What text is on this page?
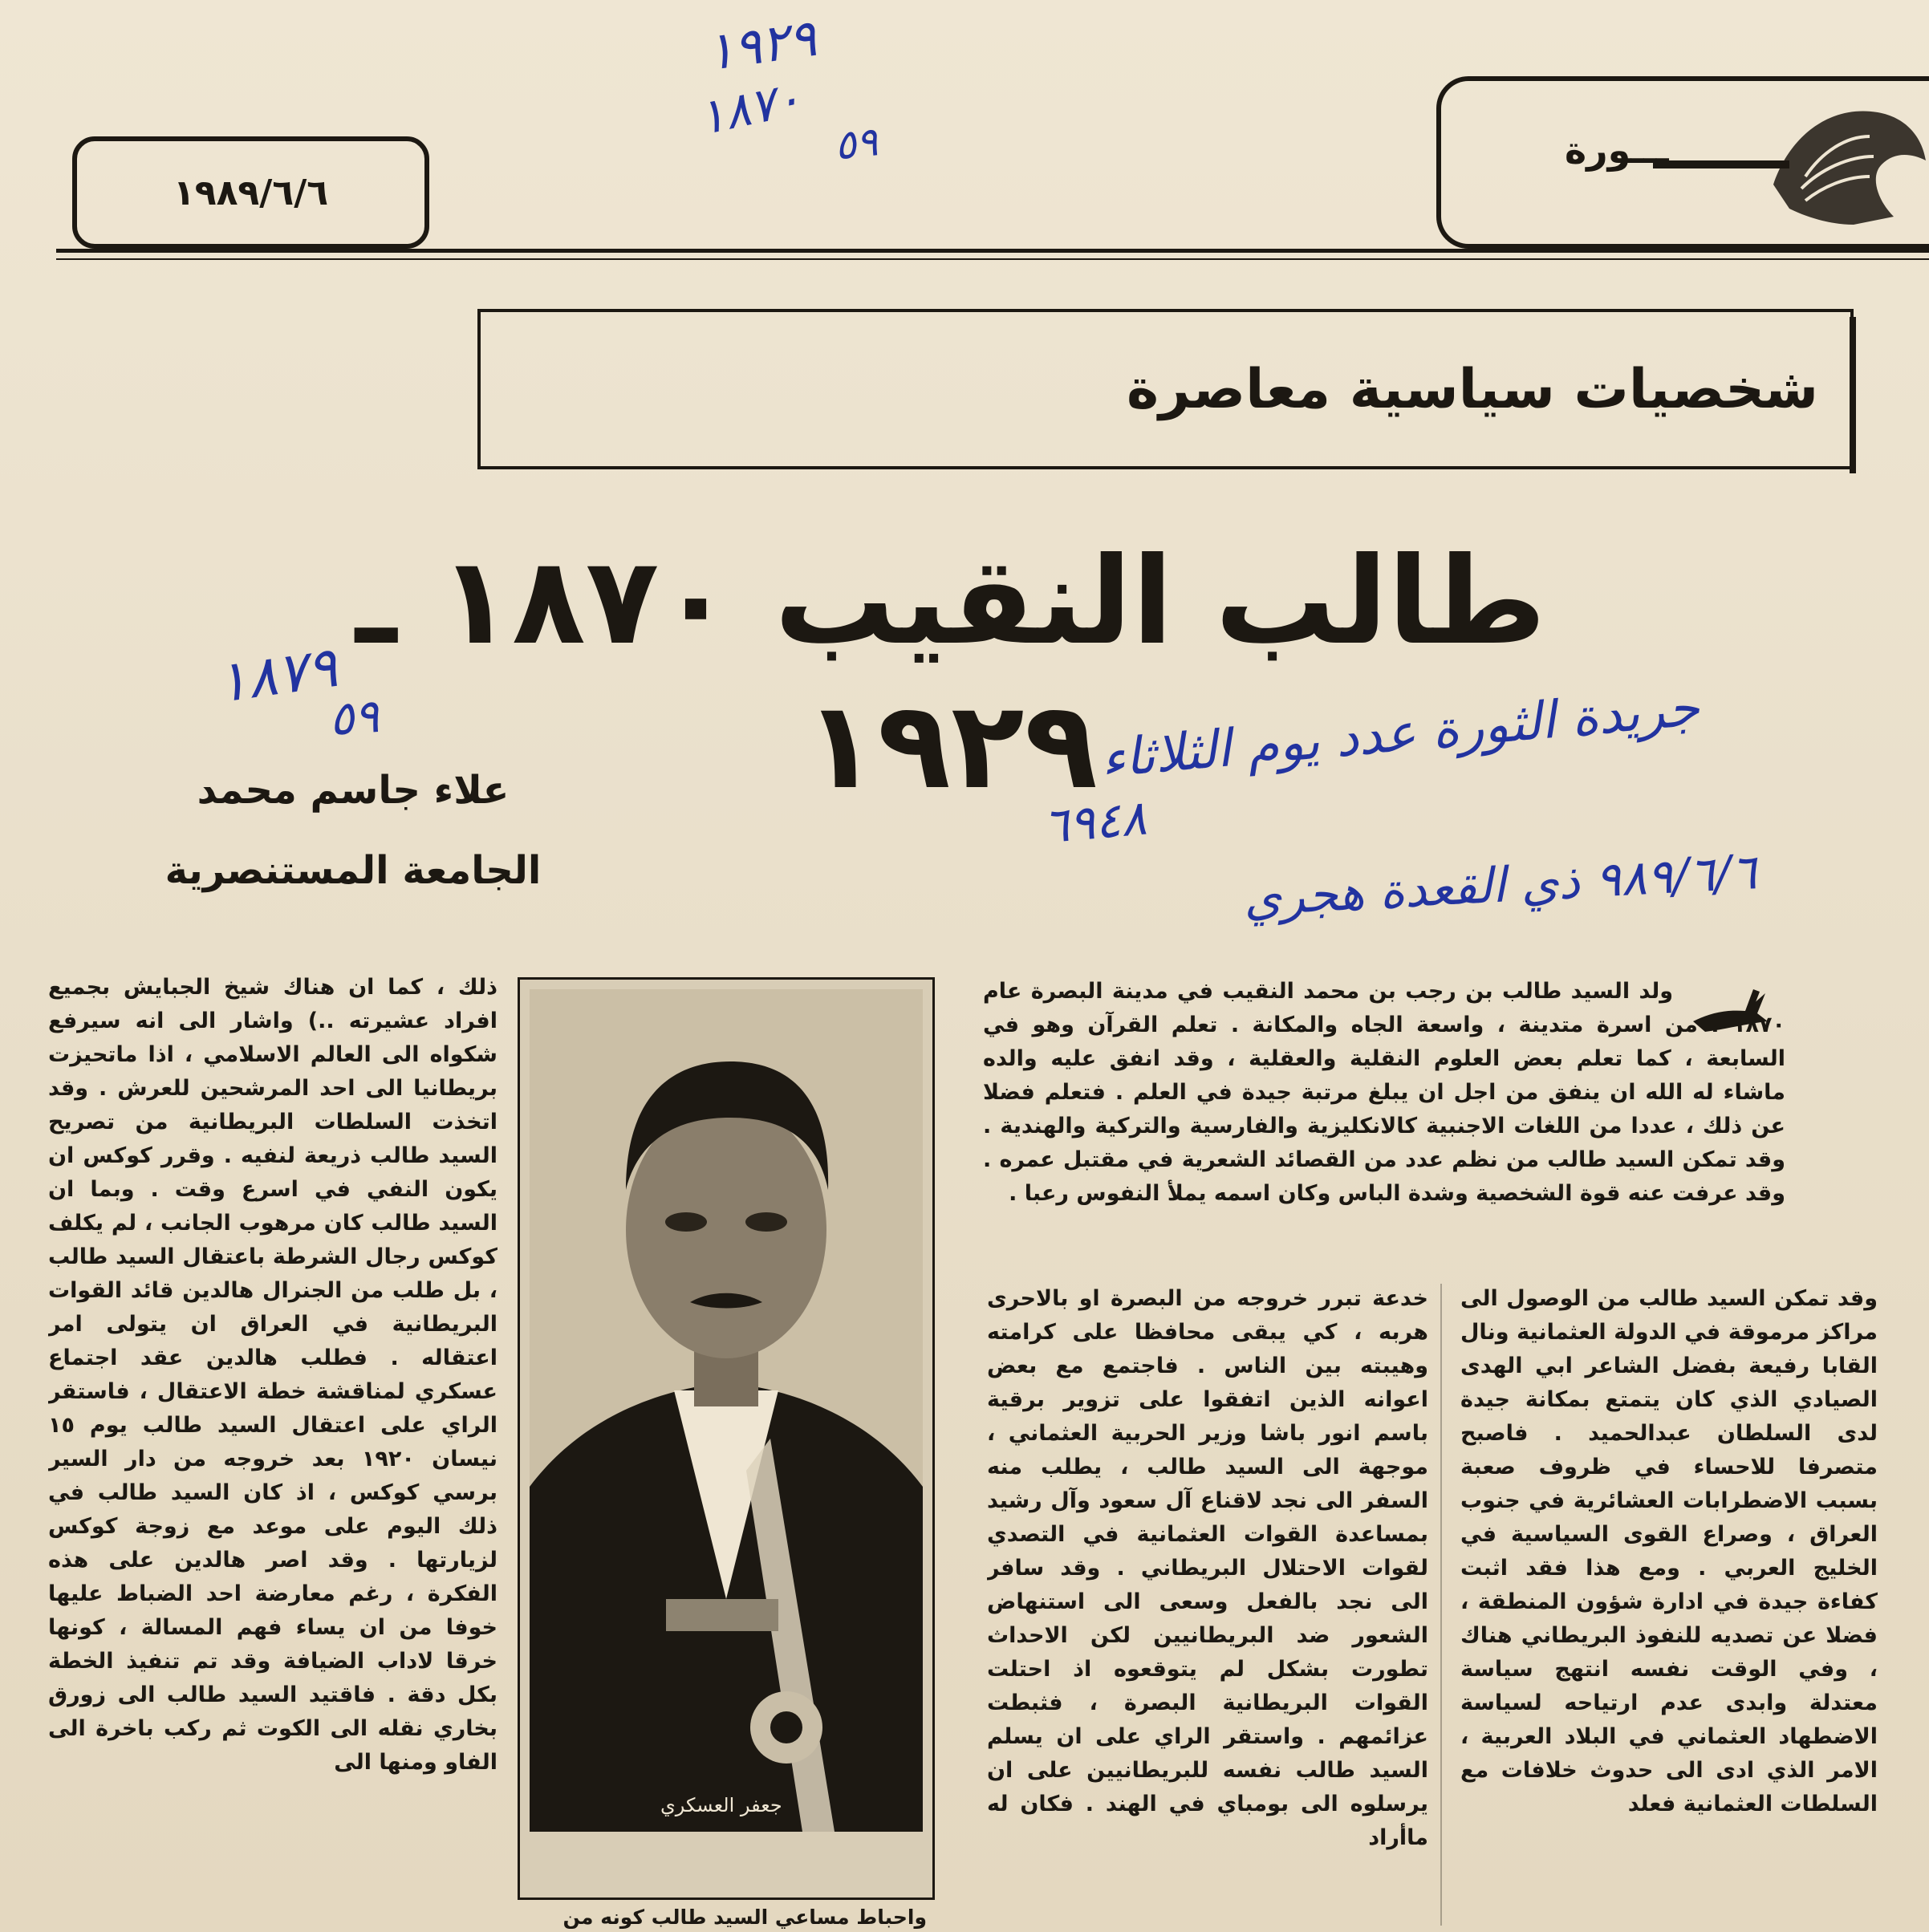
١٩٨٩/٦/٦
ـــورة
١٩٢٩
١٨٧٠ ٥٩
شخصيات سياسية معاصرة
طالب النقيب ١٨٧٠ ـ ١٩٢٩
١٨٧٩
٥٩	جريدة الثورة عدد يوم الثلاثاء
٦٩٤٨
٩٨٩/٦/٦ ذي القعدة هجري
علاء جاسم محمد
الجامعة المستنصرية

ولد السيد طالب بن رجب بن محمد النقيب في مدينة البصرة عام ١٨٧٠ ، من اسرة متدينة ، واسعة الجاه والمكانة . تعلم القرآن وهو في السابعة ، كما تعلم بعض العلوم النقلية والعقلية ، وقد انفق عليه والده ماشاء له الله ان ينفق من اجل ان يبلغ مرتبة جيدة في العلم . فتعلم فضلا عن ذلك ، عددا من اللغات الاجنبية كالانكليزية والفارسية والتركية والهندية . وقد تمكن السيد طالب من نظم عدد من القصائد الشعرية في مقتبل عمره . وقد عرفت عنه قوة الشخصية وشدة الباس وكان اسمه يملأ النفوس رعبا .

وقد تمكن السيد طالب من الوصول الى مراكز مرموقة في الدولة العثمانية ونال القابا رفيعة بفضل الشاعر ابي الهدى الصيادي الذي كان يتمتع بمكانة جيدة لدى السلطان عبدالحميد . فاصبح متصرفا للاحساء في ظروف صعبة بسبب الاضطرابات العشائرية في جنوب العراق ، وصراع القوى السياسية في الخليج العربي . ومع هذا فقد اثبت كفاءة جيدة في ادارة شؤون المنطقة ، فضلا عن تصديه للنفوذ البريطاني هناك ، وفي الوقت نفسه انتهج سياسة معتدلة وابدى عدم ارتياحه لسياسة الاضطهاد العثماني في البلاد العربية ، الامر الذي ادى الى حدوث خلافات مع السلطات العثمانية فعلد

خدعة تبرر خروجه من البصرة او بالاحرى هربه ، كي يبقى محافظا على كرامته وهيبته بين الناس . فاجتمع مع بعض اعوانه الذين اتفقوا على تزوير برقية باسم انور باشا وزير الحربية العثماني ، موجهة الى السيد طالب ، يطلب منه السفر الى نجد لاقناع آل سعود وآل رشيد بمساعدة القوات العثمانية في التصدي لقوات الاحتلال البريطاني . وقد سافر الى نجد بالفعل وسعى الى استنهاض الشعور ضد البريطانيين لكن الاحداث تطورت بشكل لم يتوقعوه اذ احتلت القوات البريطانية البصرة ، فثبطت عزائمهم . واستقر الراي على ان يسلم السيد طالب نفسه للبريطانيين على ان يرسلوه الى بومباي في الهند . فكان له ماأراد

جعفر العسكري
واحباط مساعي السيد طالب كونه من

ذلك ، كما ان هناك شيخ الجبايش بجميع افراد عشيرته ..) واشار الى انه سيرفع شكواه الى العالم الاسلامي ، اذا ماتحيزت بريطانيا الى احد المرشحين للعرش . وقد اتخذت السلطات البريطانية من تصريح السيد طالب ذريعة لنفيه . وقرر كوكس ان يكون النفي في اسرع وقت . وبما ان السيد طالب كان مرهوب الجانب ، لم يكلف كوكس رجال الشرطة باعتقال السيد طالب ، بل طلب من الجنرال هالدين قائد القوات البريطانية في العراق ان يتولى امر اعتقاله . فطلب هالدين عقد اجتماع عسكري لمناقشة خطة الاعتقال ، فاستقر الراي على اعتقال السيد طالب يوم ١٥ نيسان ١٩٢٠ بعد خروجه من دار السير برسي كوكس ، اذ كان السيد طالب في ذلك اليوم على موعد مع زوجة كوكس لزيارتها . وقد اصر هالدين على هذه الفكرة ، رغم معارضة احد الضباط عليها خوفا من ان يساء فهم المسالة ، كونها خرقا لاداب الضيافة وقد تم تنفيذ الخطة بكل دقة . فاقتيد السيد طالب الى زورق بخاري نقله الى الكوت ثم ركب باخرة الى الفاو ومنها الى
